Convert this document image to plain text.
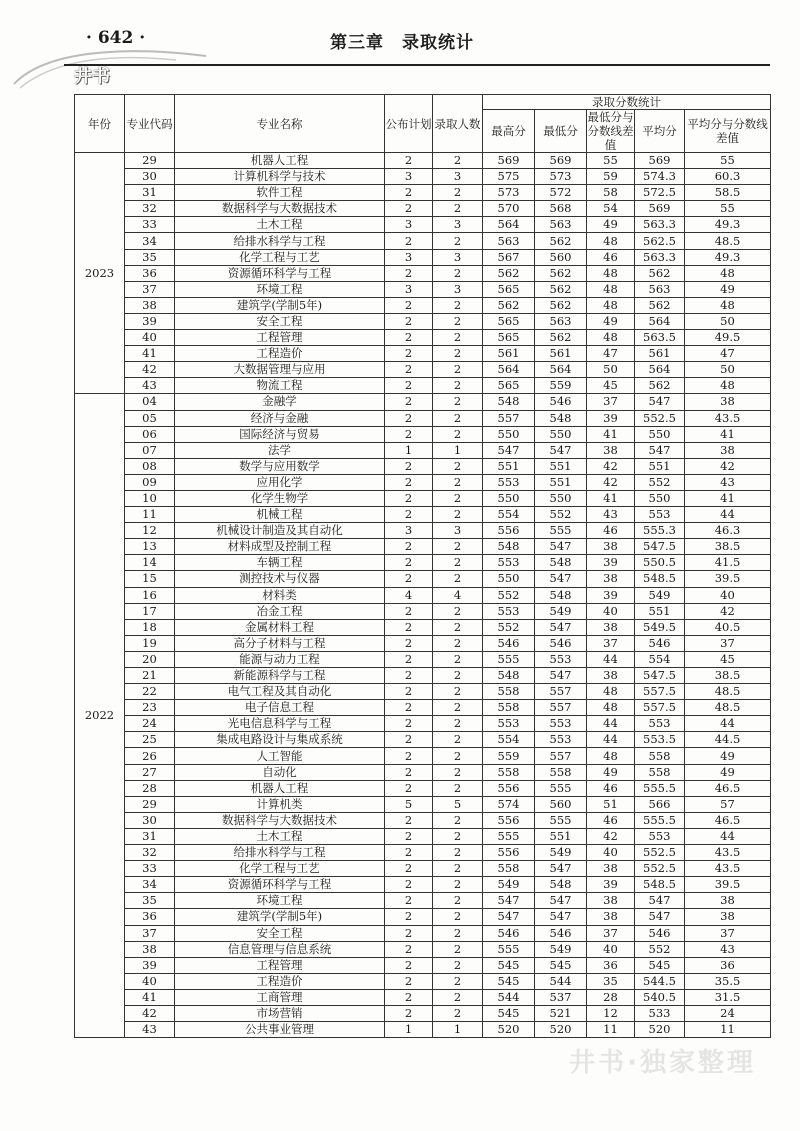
· 642 ·	第三章　录取统计
井书
年份	专业代码	专业名称	公布计划	录取人数	录取分数统计				
					最高分	最低分	最低分与分数线差值	平均分	平均分与分数线差值
2023	29	机器人工程	2	2	569	569	55	569	55
	30	计算机科学与技术	3	3	575	573	59	574.3	60.3
	31	软件工程	2	2	573	572	58	572.5	58.5
	32	数据科学与大数据技术	2	2	570	568	54	569	55
	33	土木工程	3	3	564	563	49	563.3	49.3
	34	给排水科学与工程	2	2	563	562	48	562.5	48.5
	35	化学工程与工艺	3	3	567	560	46	563.3	49.3
	36	资源循环科学与工程	2	2	562	562	48	562	48
	37	环境工程	3	3	565	562	48	563	49
	38	建筑学(学制5年)	2	2	562	562	48	562	48
	39	安全工程	2	2	565	563	49	564	50
	40	工程管理	2	2	565	562	48	563.5	49.5
	41	工程造价	2	2	561	561	47	561	47
	42	大数据管理与应用	2	2	564	564	50	564	50
	43	物流工程	2	2	565	559	45	562	48
2022	04	金融学	2	2	548	546	37	547	38
	05	经济与金融	2	2	557	548	39	552.5	43.5
	06	国际经济与贸易	2	2	550	550	41	550	41
	07	法学	1	1	547	547	38	547	38
	08	数学与应用数学	2	2	551	551	42	551	42
	09	应用化学	2	2	553	551	42	552	43
	10	化学生物学	2	2	550	550	41	550	41
	11	机械工程	2	2	554	552	43	553	44
	12	机械设计制造及其自动化	3	3	556	555	46	555.3	46.3
	13	材料成型及控制工程	2	2	548	547	38	547.5	38.5
	14	车辆工程	2	2	553	548	39	550.5	41.5
	15	测控技术与仪器	2	2	550	547	38	548.5	39.5
	16	材料类	4	4	552	548	39	549	40
	17	冶金工程	2	2	553	549	40	551	42
	18	金属材料工程	2	2	552	547	38	549.5	40.5
	19	高分子材料与工程	2	2	546	546	37	546	37
	20	能源与动力工程	2	2	555	553	44	554	45
	21	新能源科学与工程	2	2	548	547	38	547.5	38.5
	22	电气工程及其自动化	2	2	558	557	48	557.5	48.5
	23	电子信息工程	2	2	558	557	48	557.5	48.5
	24	光电信息科学与工程	2	2	553	553	44	553	44
	25	集成电路设计与集成系统	2	2	554	553	44	553.5	44.5
	26	人工智能	2	2	559	557	48	558	49
	27	自动化	2	2	558	558	49	558	49
	28	机器人工程	2	2	556	555	46	555.5	46.5
	29	计算机类	5	5	574	560	51	566	57
	30	数据科学与大数据技术	2	2	556	555	46	555.5	46.5
	31	土木工程	2	2	555	551	42	553	44
	32	给排水科学与工程	2	2	556	549	40	552.5	43.5
	33	化学工程与工艺	2	2	558	547	38	552.5	43.5
	34	资源循环科学与工程	2	2	549	548	39	548.5	39.5
	35	环境工程	2	2	547	547	38	547	38
	36	建筑学(学制5年)	2	2	547	547	38	547	38
	37	安全工程	2	2	546	546	37	546	37
	38	信息管理与信息系统	2	2	555	549	40	552	43
	39	工程管理	2	2	545	545	36	545	36
	40	工程造价	2	2	545	544	35	544.5	35.5
	41	工商管理	2	2	544	537	28	540.5	31.5
	42	市场营销	2	2	545	521	12	533	24
	43	公共事业管理	1	1	520	520	11	520	11
井书·独家整理
